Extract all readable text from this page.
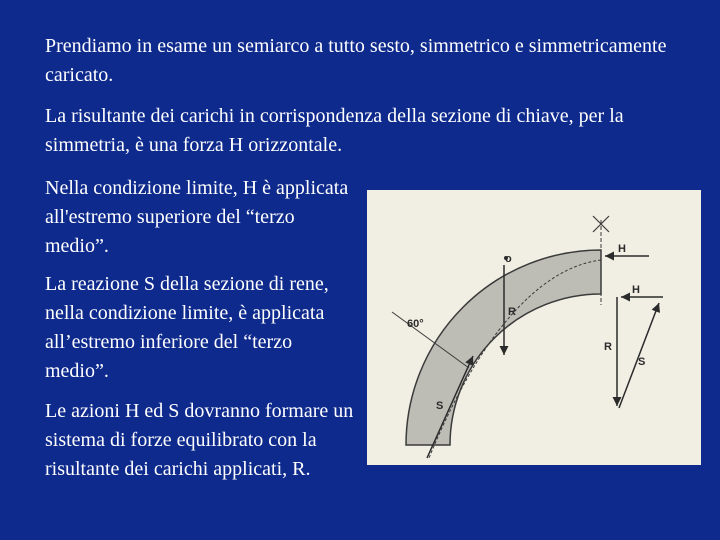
Prendiamo in esame un semiarco a tutto sesto, simmetrico e simmetricamente caricato.

La risultante dei carichi in corrispondenza della sezione di chiave, per la simmetria, è una forza H orizzontale.

Nella condizione limite, H è applicata all'estremo superiore del “terzo medio”.

La reazione S della sezione di rene, nella condizione limite, è applicata all’estremo inferiore del “terzo medio”.

Le azioni H ed S dovranno formare un sistema di forze equilibrato con la risultante dei carichi applicati, R.

H
o
R
S
60°
H
R
S
